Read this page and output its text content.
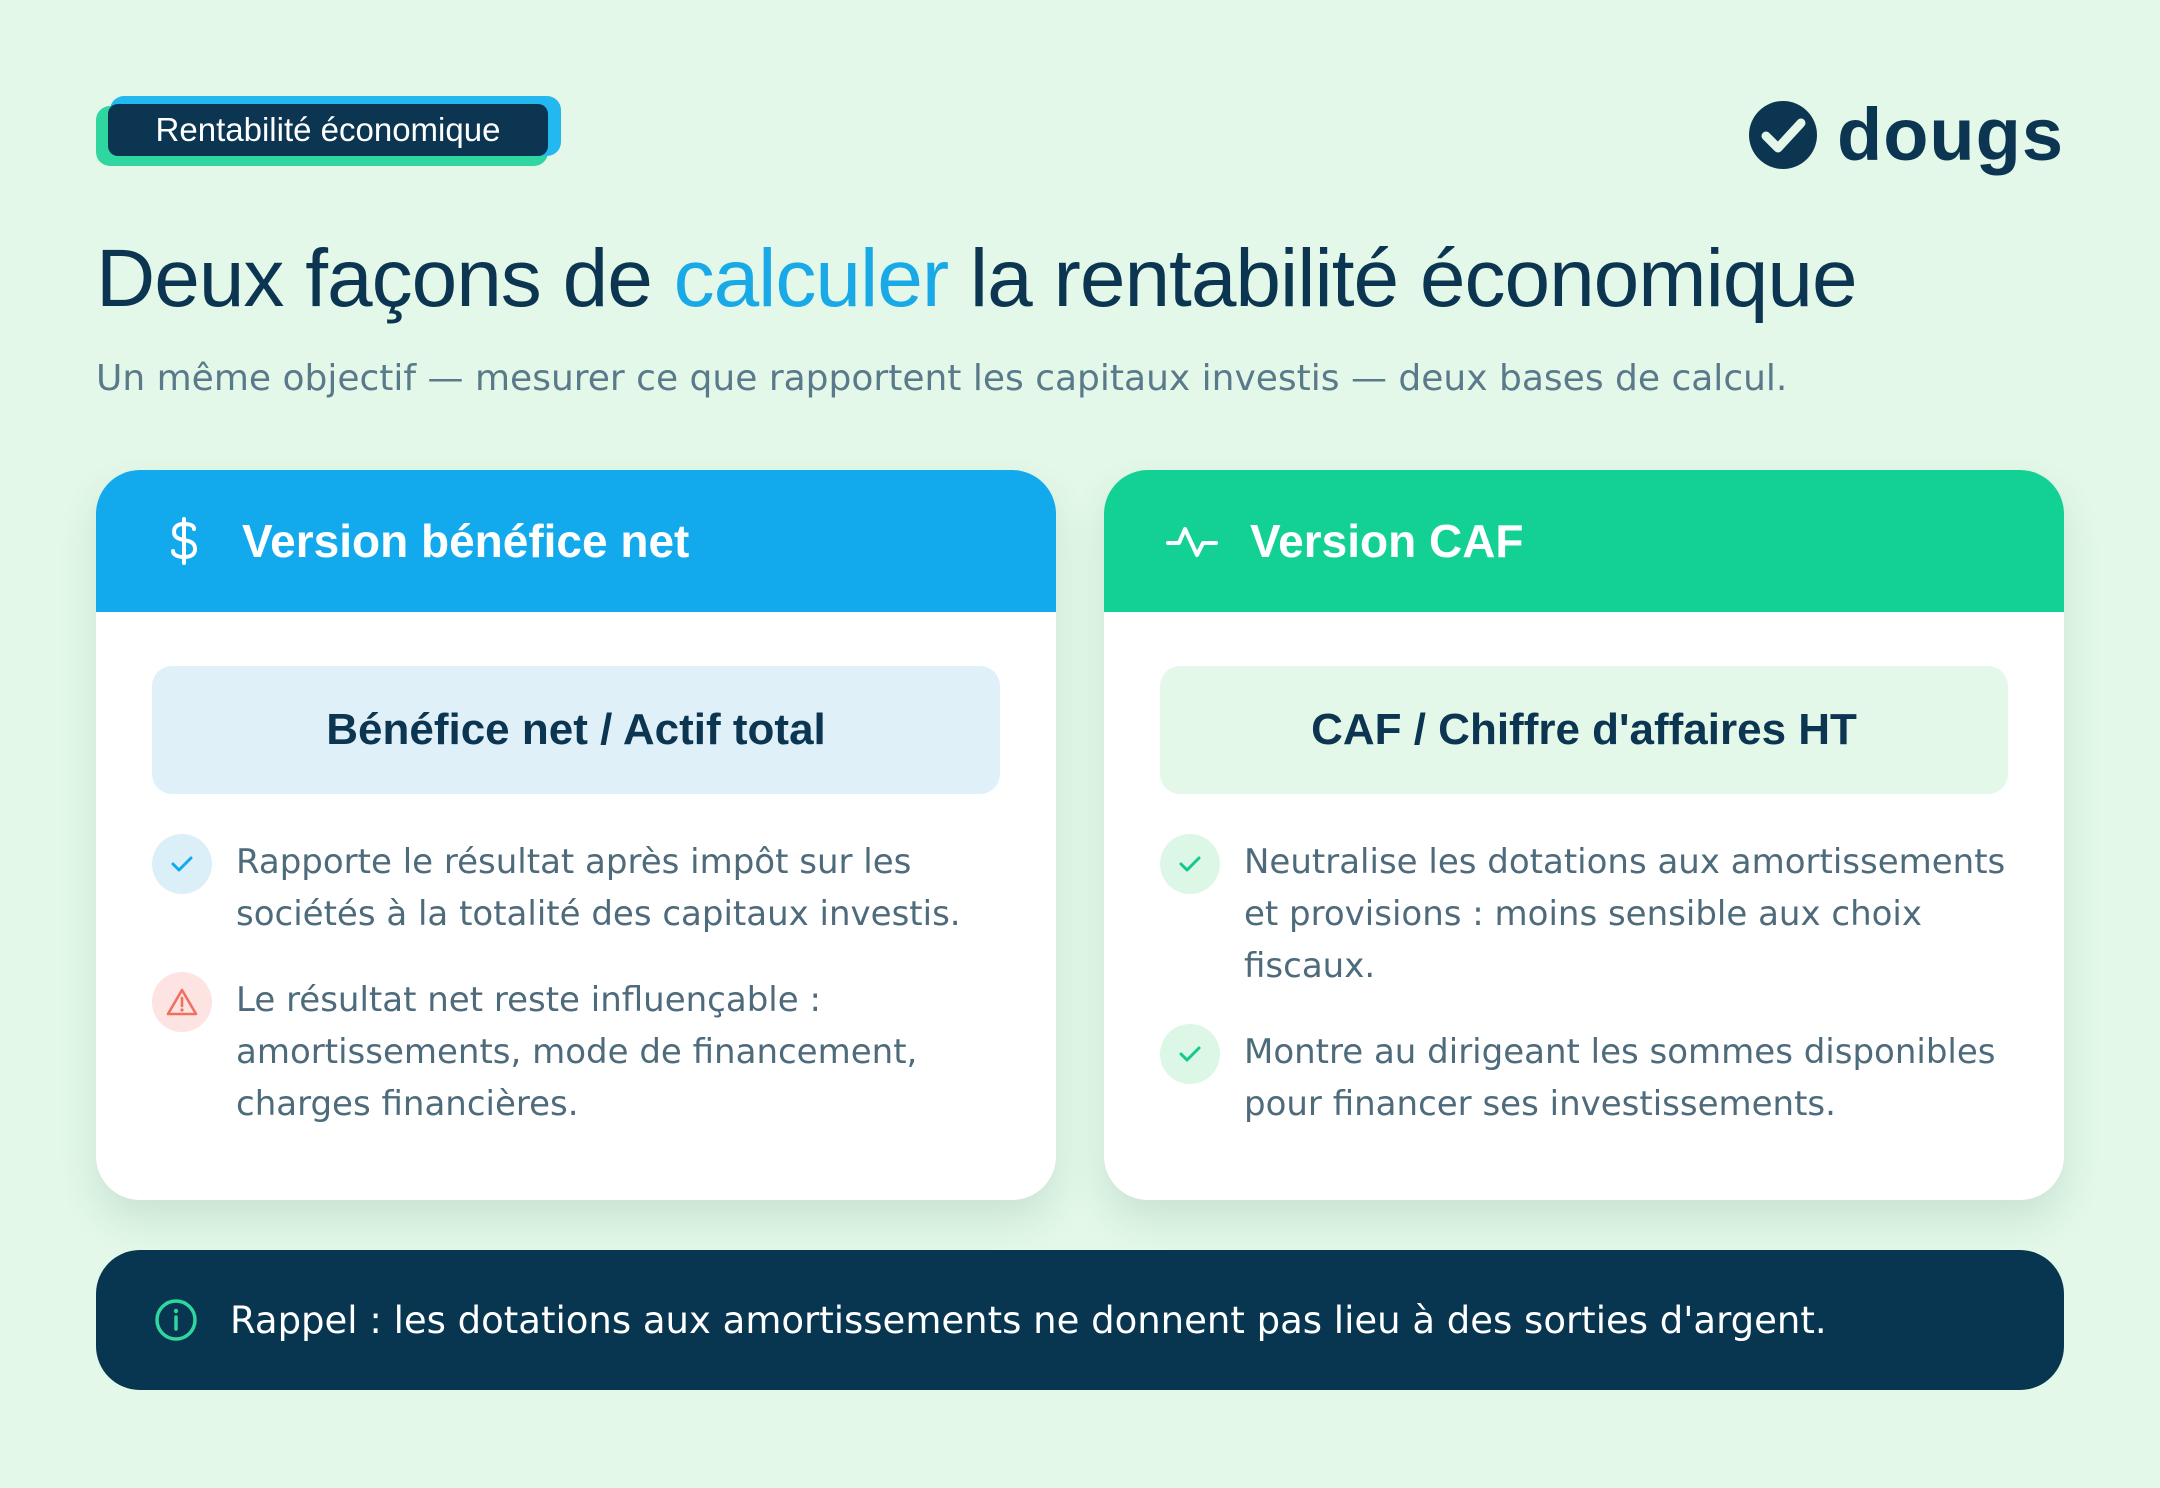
Rentabilité économique	dougs
Deux façons de calculer la rentabilité économique

Un même objectif — mesurer ce que rapportent les capitaux investis — deux bases de calcul.

Version bénéfice net
Bénéfice net / Actif total
Rapporte le résultat après impôt sur les sociétés à la totalité des capitaux investis.
Le résultat net reste influençable : amortissements, mode de financement, charges financières.
Version CAF
CAF / Chiffre d'affaires HT
Neutralise les dotations aux amortissements et provisions : moins sensible aux choix fiscaux.
Montre au dirigeant les sommes disponibles pour financer ses investissements.
Rappel : les dotations aux amortissements ne donnent pas lieu à des sorties d'argent.
